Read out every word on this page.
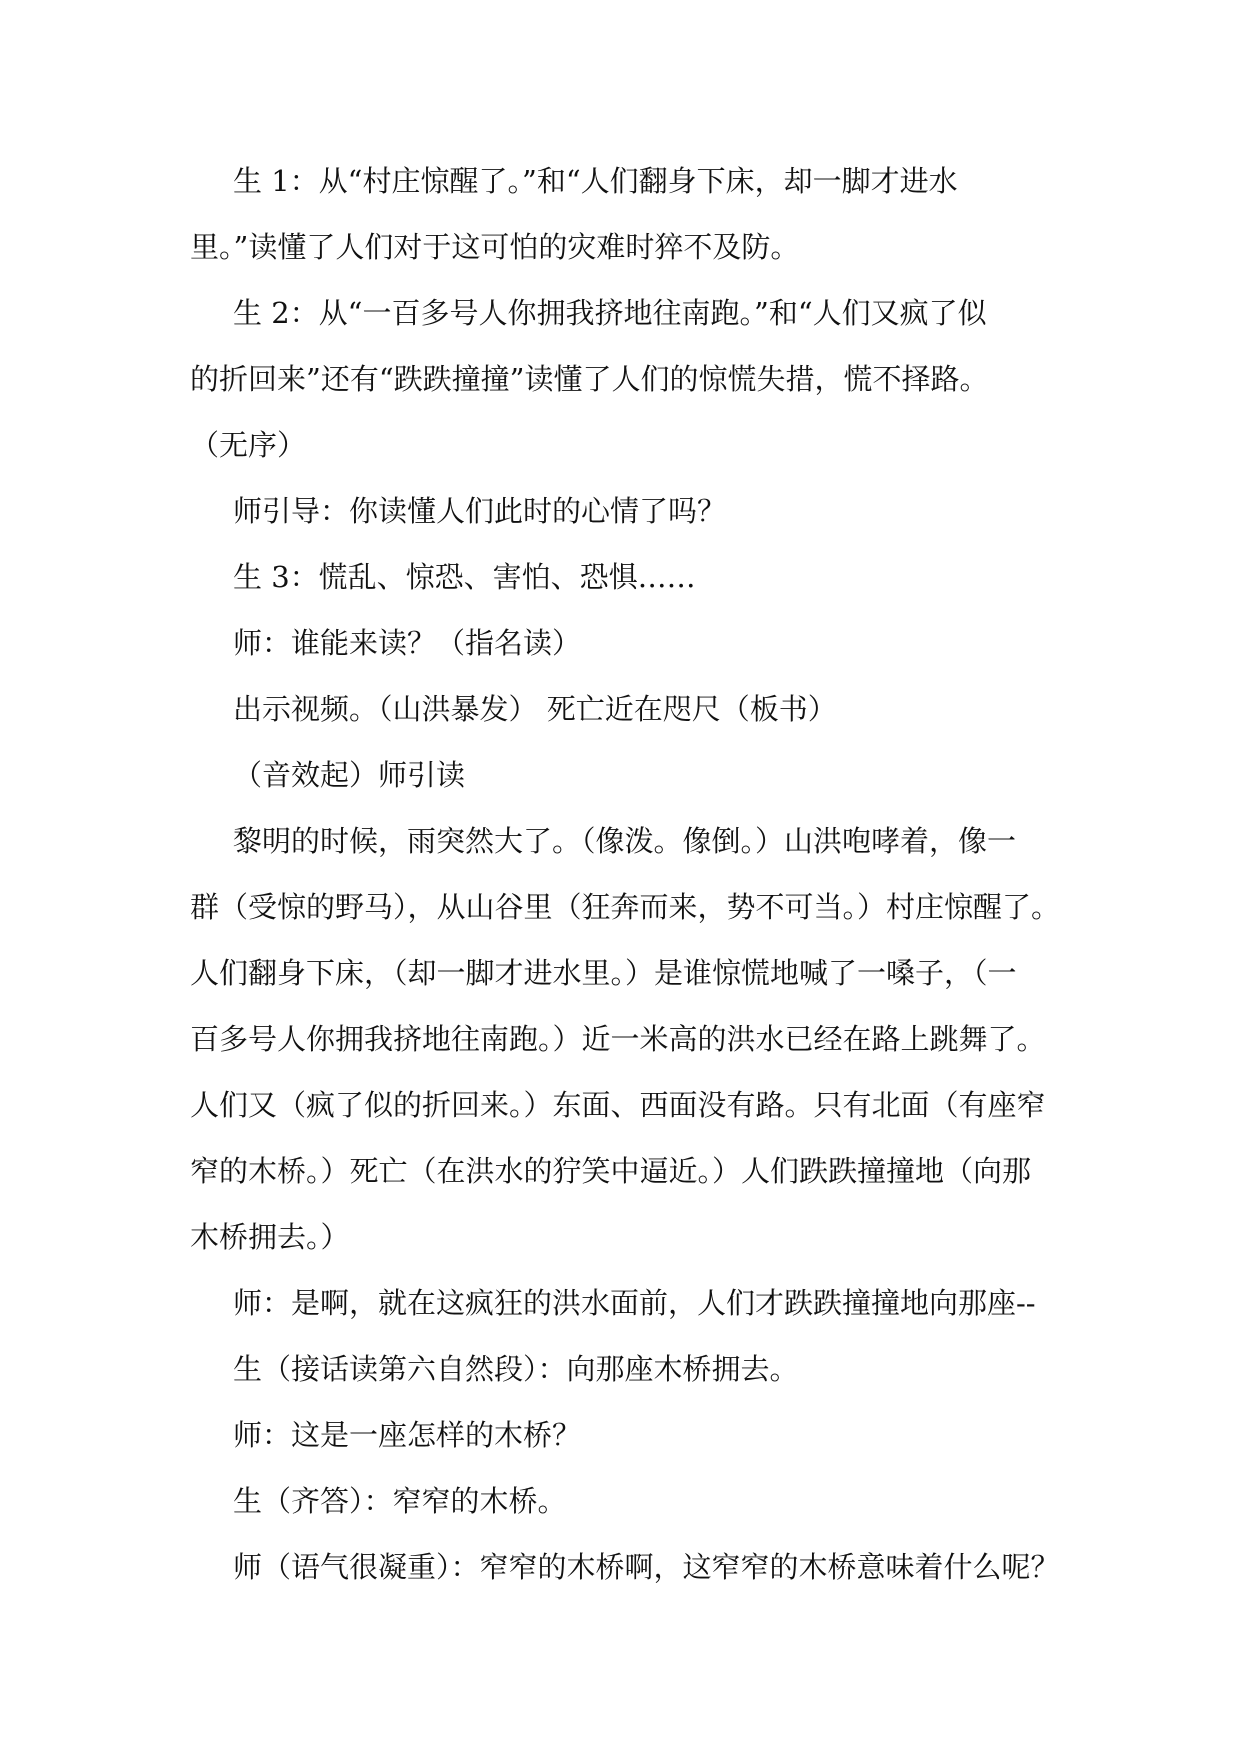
生 1：从“村庄惊醒了。”和“人们翻身下床，却一脚才进水
里。”读懂了人们对于这可怕的灾难时猝不及防。
生 2：从“一百多号人你拥我挤地往南跑。”和“人们又疯了似
的折回来”还有“跌跌撞撞”读懂了人们的惊慌失措，慌不择路。
（无序）
师引导：你读懂人们此时的心情了吗？
生 3：慌乱、惊恐、害怕、恐惧……
师：谁能来读？（指名读）
出示视频。（山洪暴发） 死亡近在咫尺（板书）
（音效起）师引读
黎明的时候，雨突然大了。（像泼。像倒。）山洪咆哮着，像一
群（受惊的野马），从山谷里（狂奔而来，势不可当。）村庄惊醒了。
人们翻身下床，（却一脚才进水里。）是谁惊慌地喊了一嗓子，（一
百多号人你拥我挤地往南跑。）近一米高的洪水已经在路上跳舞了。
人们又（疯了似的折回来。）东面、西面没有路。只有北面（有座窄
窄的木桥。）死亡（在洪水的狞笑中逼近。）人们跌跌撞撞地（向那
木桥拥去。）
师：是啊，就在这疯狂的洪水面前，人们才跌跌撞撞地向那座--
生（接话读第六自然段）：向那座木桥拥去。
师：这是一座怎样的木桥？
生（齐答）：窄窄的木桥。
师（语气很凝重）：窄窄的木桥啊，这窄窄的木桥意味着什么呢？
